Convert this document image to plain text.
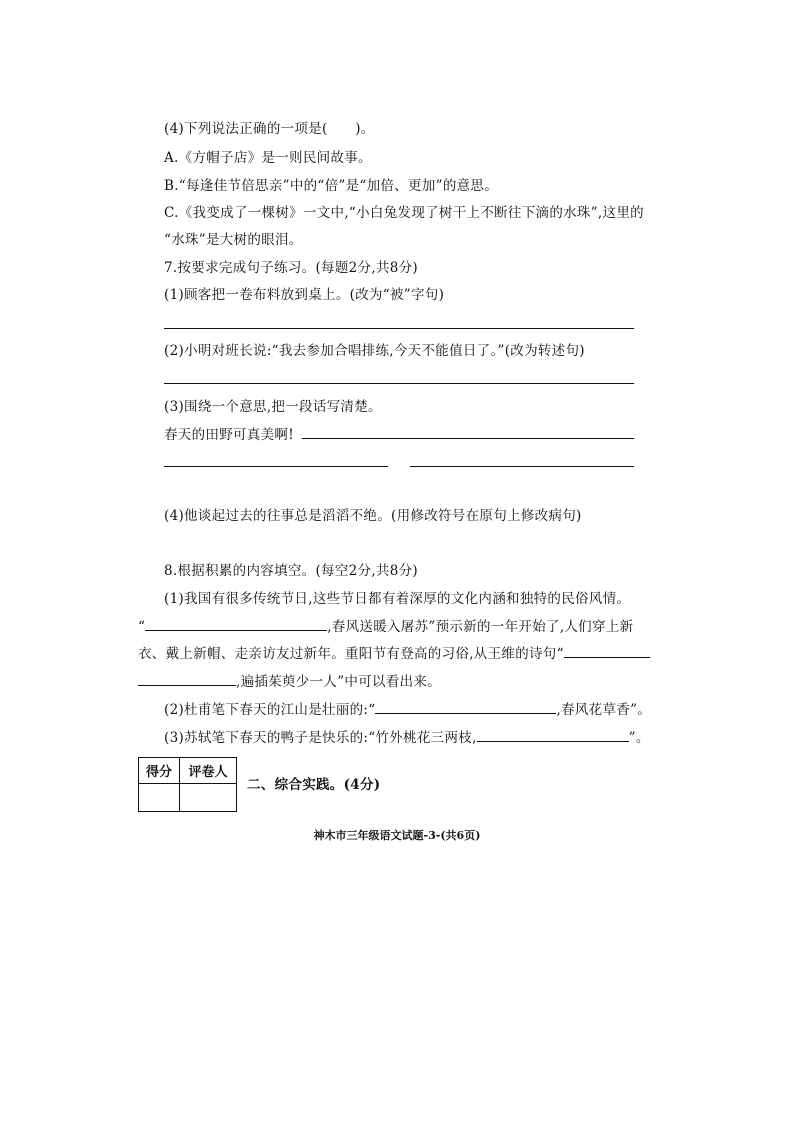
(4)下列说法正确的一项是(　　)。
A.《方帽子店》是一则民间故事。
B.“每逢佳节倍思亲”中的“倍”是“加倍、更加”的意思。
C.《我变成了一棵树》一文中,“小白兔发现了树干上不断往下滴的水珠”,这里的
“水珠”是大树的眼泪。
7.按要求完成句子练习。(每题2分,共8分)
(1)顾客把一卷布料放到桌上。(改为“被”字句)
(2)小明对班长说:“我去参加合唱排练,今天不能值日了。”(改为转述句)
(3)围绕一个意思,把一段话写清楚。
春天的田野可真美啊!
(4)他谈起过去的往事总是滔滔不绝。(用修改符号在原句上修改病句)
8.根据积累的内容填空。(每空2分,共8分)
(1)我国有很多传统节日,这些节日都有着深厚的文化内涵和独特的民俗风情。
“	,春风送暖入屠苏”预示新的一年开始了,人们穿上新
衣、戴上新帽、走亲访友过新年。重阳节有登高的习俗,从王维的诗句“
,遍插茱萸少一人”中可以看出来。
(2)杜甫笔下春天的江山是壮丽的:“	,春风花草香”。
(3)苏轼笔下春天的鸭子是快乐的:“竹外桃花三两枝,	”。
得分	评卷人

二、综合实践。(4分)
神木市三年级语文试题-3-(共6页)
